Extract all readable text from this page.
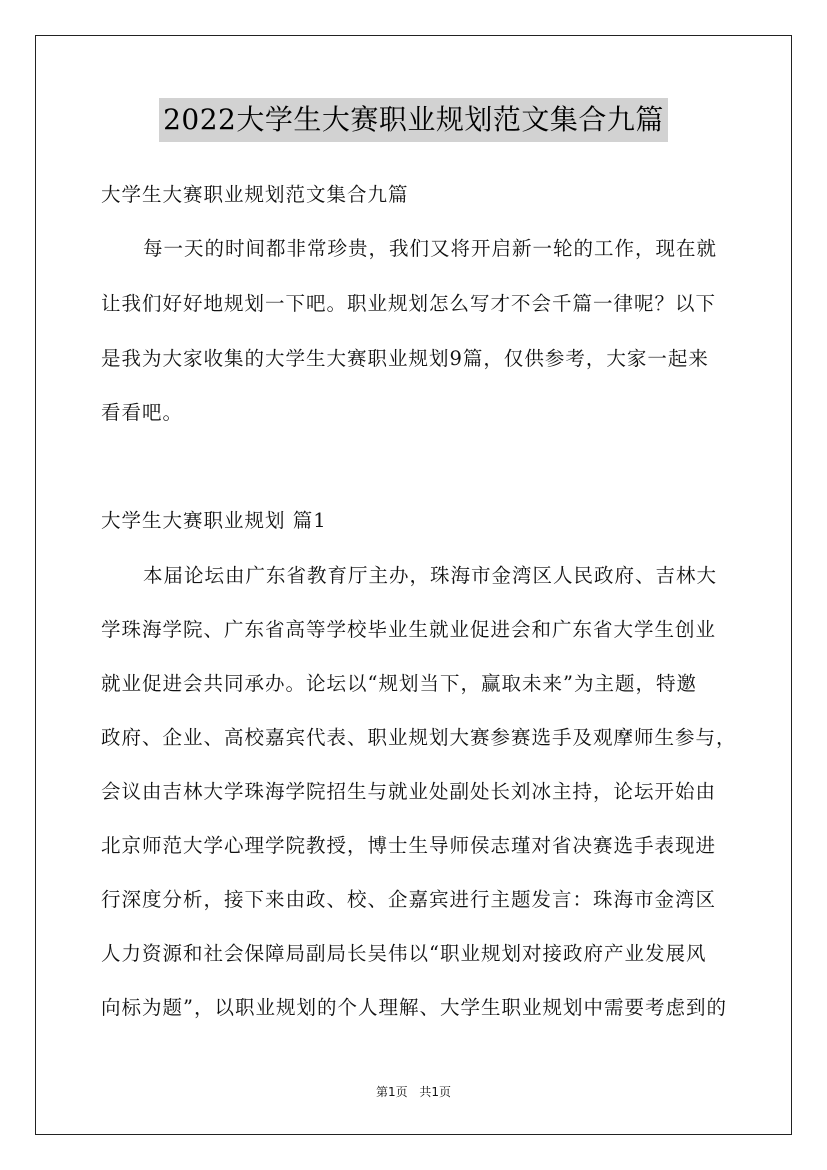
2022大学生大赛职业规划范文集合九篇
大学生大赛职业规划范文集合九篇
每一天的时间都非常珍贵，我们又将开启新一轮的工作，现在就
让我们好好地规划一下吧。职业规划怎么写才不会千篇一律呢？以下
是我为大家收集的大学生大赛职业规划9篇，仅供参考，大家一起来
看看吧。
大学生大赛职业规划 篇1
本届论坛由广东省教育厅主办，珠海市金湾区人民政府、吉林大
学珠海学院、广东省高等学校毕业生就业促进会和广东省大学生创业
就业促进会共同承办。论坛以“规划当下，赢取未来”为主题，特邀
政府、企业、高校嘉宾代表、职业规划大赛参赛选手及观摩师生参与，
会议由吉林大学珠海学院招生与就业处副处长刘冰主持，论坛开始由
北京师范大学心理学院教授，博士生导师侯志瑾对省决赛选手表现进
行深度分析，接下来由政、校、企嘉宾进行主题发言：珠海市金湾区
人力资源和社会保障局副局长吴伟以“职业规划对接政府产业发展风
向标为题”，以职业规划的个人理解、大学生职业规划中需要考虑到的
第1页 共1页
